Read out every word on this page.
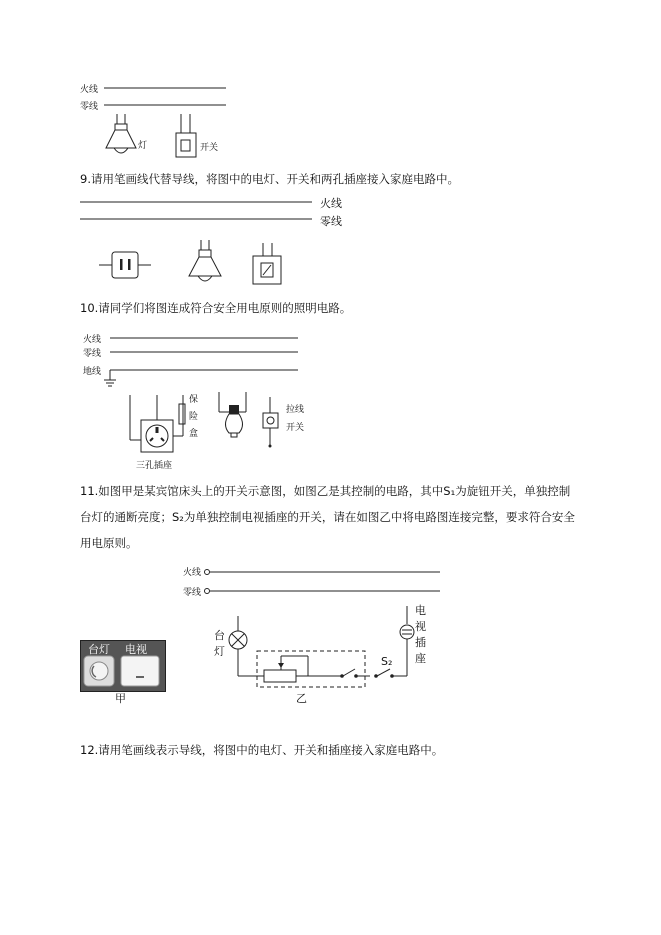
火线
零线
灯	开关
9.请用笔画线代替导线，将图中的电灯、开关和两孔插座接入家庭电路中。
火线
零线
10.请同学们将图连成符合安全用电原则的照明电路。
火线
零线
地线
保
险
盒
三孔插座
拉线
开关
11.如图甲是某宾馆床头上的开关示意图，如图乙是其控制的电路，其中S₁为旋钮开关，单独控制
台灯的通断亮度；S₂为单独控制电视插座的开关，请在如图乙中将电路图连接完整，要求符合安全
用电原则。
火线
零线
台灯 电视
甲
台
灯
乙
S₂
电
视
插
座
12.请用笔画线表示导线，将图中的电灯、开关和插座接入家庭电路中。
